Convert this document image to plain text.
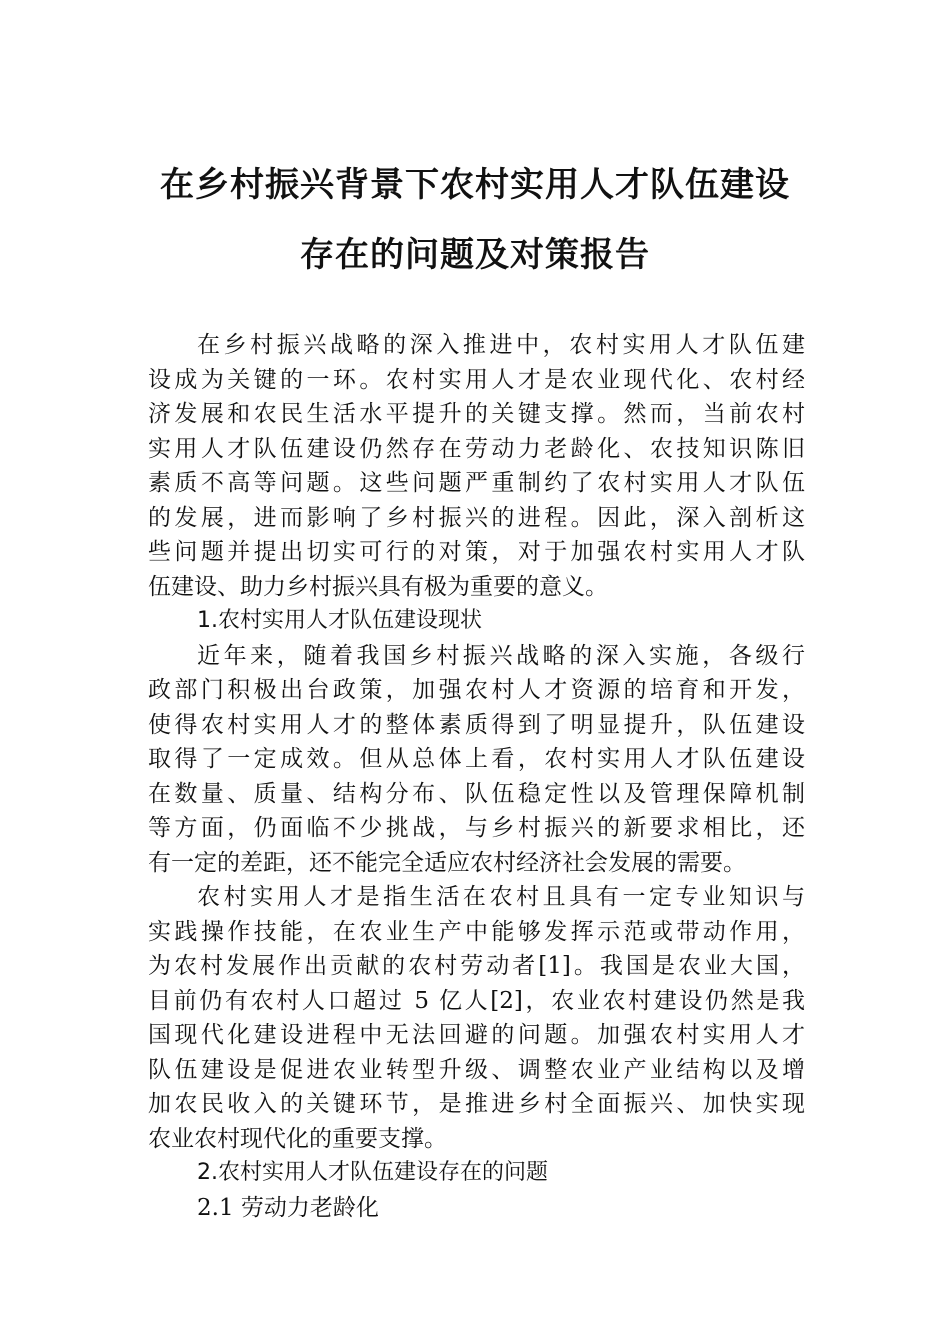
在乡村振兴背景下农村实用人才队伍建设
存在的问题及对策报告
在乡村振兴战略的深入推进中，农村实用人才队伍建
设成为关键的一环。农村实用人才是农业现代化、农村经
济发展和农民生活水平提升的关键支撑。然而，当前农村
实用人才队伍建设仍然存在劳动力老龄化、农技知识陈旧
素质不高等问题。这些问题严重制约了农村实用人才队伍
的发展，进而影响了乡村振兴的进程。因此，深入剖析这
些问题并提出切实可行的对策，对于加强农村实用人才队
伍建设、助力乡村振兴具有极为重要的意义。
1.农村实用人才队伍建设现状
近年来，随着我国乡村振兴战略的深入实施，各级行
政部门积极出台政策，加强农村人才资源的培育和开发，
使得农村实用人才的整体素质得到了明显提升，队伍建设
取得了一定成效。但从总体上看，农村实用人才队伍建设
在数量、质量、结构分布、队伍稳定性以及管理保障机制
等方面，仍面临不少挑战，与乡村振兴的新要求相比，还
有一定的差距，还不能完全适应农村经济社会发展的需要。
农村实用人才是指生活在农村且具有一定专业知识与
实践操作技能，在农业生产中能够发挥示范或带动作用，
为农村发展作出贡献的农村劳动者[1]。我国是农业大国，
目前仍有农村人口超过 5 亿人[2]，农业农村建设仍然是我
国现代化建设进程中无法回避的问题。加强农村实用人才
队伍建设是促进农业转型升级、调整农业产业结构以及增
加农民收入的关键环节，是推进乡村全面振兴、加快实现
农业农村现代化的重要支撑。
2.农村实用人才队伍建设存在的问题
2.1 劳动力老龄化
